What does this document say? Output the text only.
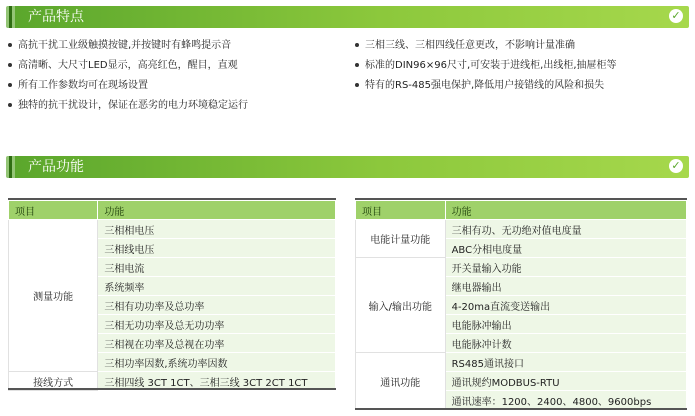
产品特点	✓
高抗干扰工业级触摸按键,并按键时有蜂鸣提示音
高清晰、大尺寸LED显示，高亮红色，醒目，直观
所有工作参数均可在现场设置
独特的抗干扰设计，保证在恶劣的电力环境稳定运行
三相三线、三相四线任意更改，不影响计量准确
标准的DIN96×96尺寸,可安装于进线柜,出线柜,抽屉柜等
特有的RS-485强电保护,降低用户接错线的风险和损失
产品功能	✓
项目	功能
测量功能	三相相电压
	三相线电压
	三相电流
	系统频率
	三相有功功率及总功率
	三相无功功率及总无功功率
	三相视在功率及总视在功率
	三相功率因数,系统功率因数
接线方式	三相四线 3CT 1CT、三相三线 3CT 2CT 1CT
项目	功能
电能计量功能	三相有功、无功绝对值电度量
	ABC分相电度量
输入/输出功能	开关量输入功能
	继电器输出
	4-20ma直流变送输出
	电能脉冲输出
	电能脉冲计数
通讯功能	RS485通讯接口
	通讯规约MODBUS-RTU
	通讯速率：1200、2400、4800、9600bps
